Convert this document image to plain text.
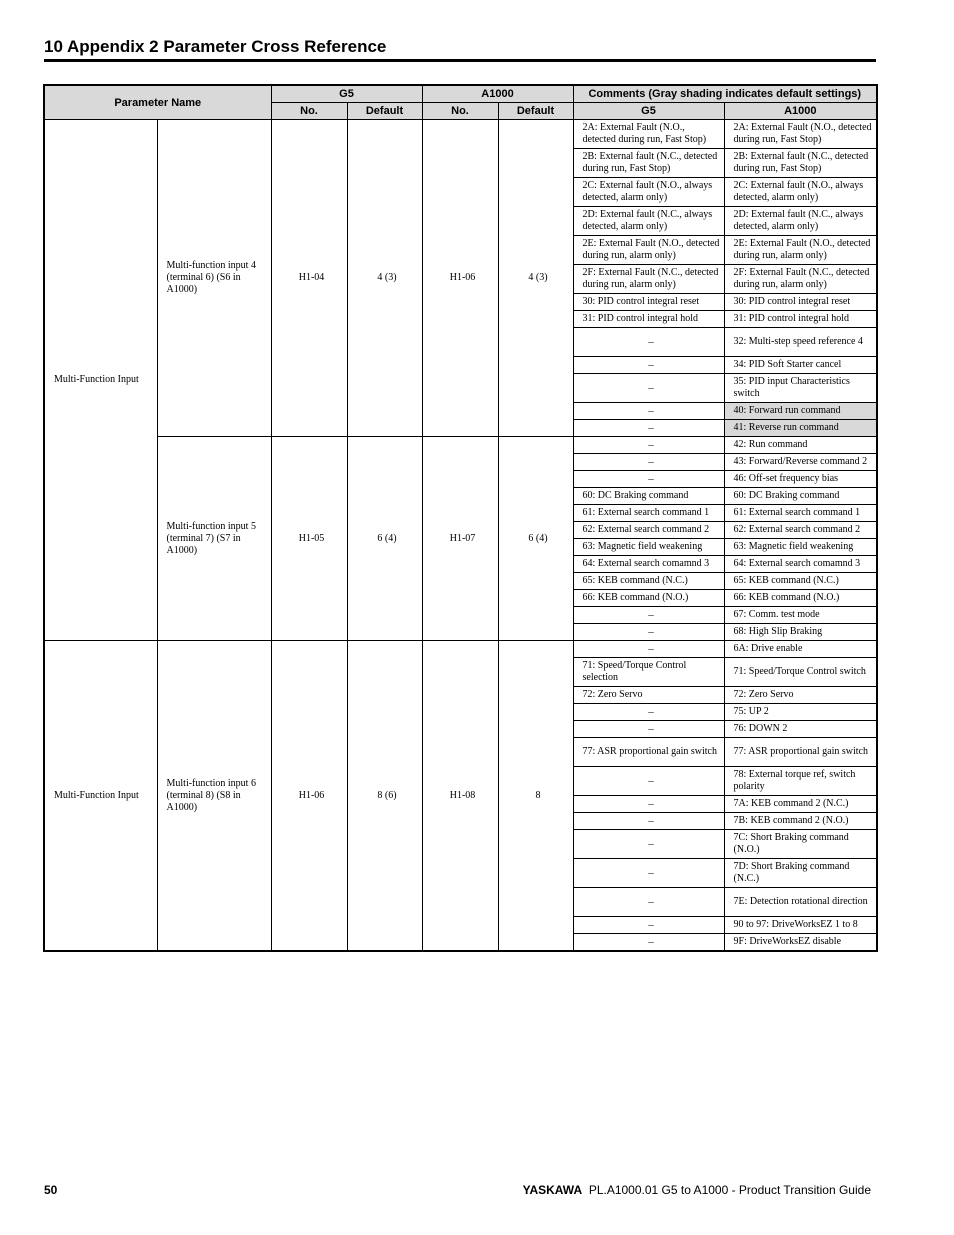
10 Appendix 2 Parameter Cross Reference
Parameter Name		G5		A1000		Comments (Gray shading indicates default settings)	
		No.	Default	No.	Default	G5	A1000
Multi-Function Input	Multi-function input 4 (terminal 6) (S6 in A1000)	H1-04	4 (3)	H1-06	4 (3)	2A: External Fault (N.O., detected during run, Fast Stop)	2A: External Fault (N.O., detected during run, Fast Stop)
						2B: External fault (N.C., detected during run, Fast Stop)	2B: External fault (N.C., detected during run, Fast Stop)
						2C: External fault (N.O., always detected, alarm only)	2C: External fault (N.O., always detected, alarm only)
						2D: External fault (N.C., always detected, alarm only)	2D: External fault (N.C., always detected, alarm only)
						2E: External Fault (N.O., detected during run, alarm only)	2E: External Fault (N.O., detected during run, alarm only)
						2F: External Fault (N.C., detected during run, alarm only)	2F: External Fault (N.C., detected during run, alarm only)
						30: PID control integral reset	30: PID control integral reset
						31: PID control integral hold	31: PID control integral hold
						–	32: Multi-step speed reference 4
						–	34: PID Soft Starter cancel
						–	35: PID input Characteristics switch
						–	40: Forward run command
						–	41: Reverse run command
	Multi-function input 5 (terminal 7) (S7 in A1000)	H1-05	6 (4)	H1-07	6 (4)	–	42: Run command
						–	43: Forward/Reverse command 2
						–	46: Off-set frequency bias
						60: DC Braking command	60: DC Braking command
						61: External search command 1	61: External search command 1
						62: External search command 2	62: External search command 2
						63: Magnetic field weakening	63: Magnetic field weakening
						64: External search comamnd 3	64: External search comamnd 3
						65: KEB command (N.C.)	65: KEB command (N.C.)
						66: KEB command (N.O.)	66: KEB command (N.O.)
						–	67: Comm. test mode
						–	68: High Slip Braking
Multi-Function Input	Multi-function input 6 (terminal 8) (S8 in A1000)	H1-06	8 (6)	H1-08	8	–	6A: Drive enable
						71: Speed/Torque Control selection	71: Speed/Torque Control switch
						72: Zero Servo	72: Zero Servo
						–	75: UP 2
						–	76: DOWN 2
						77: ASR proportional gain switch	77: ASR proportional gain switch
						–	78: External torque ref, switch polarity
						–	7A: KEB command 2 (N.C.)
						–	7B: KEB command 2 (N.O.)
						–	7C: Short Braking command (N.O.)
						–	7D: Short Braking command (N.C.)
						–	7E: Detection rotational direction
						–	90 to 97: DriveWorksEZ 1 to 8
						–	9F: DriveWorksEZ disable
50	YASKAWA PL.A1000.01 G5 to A1000 - Product Transition Guide
